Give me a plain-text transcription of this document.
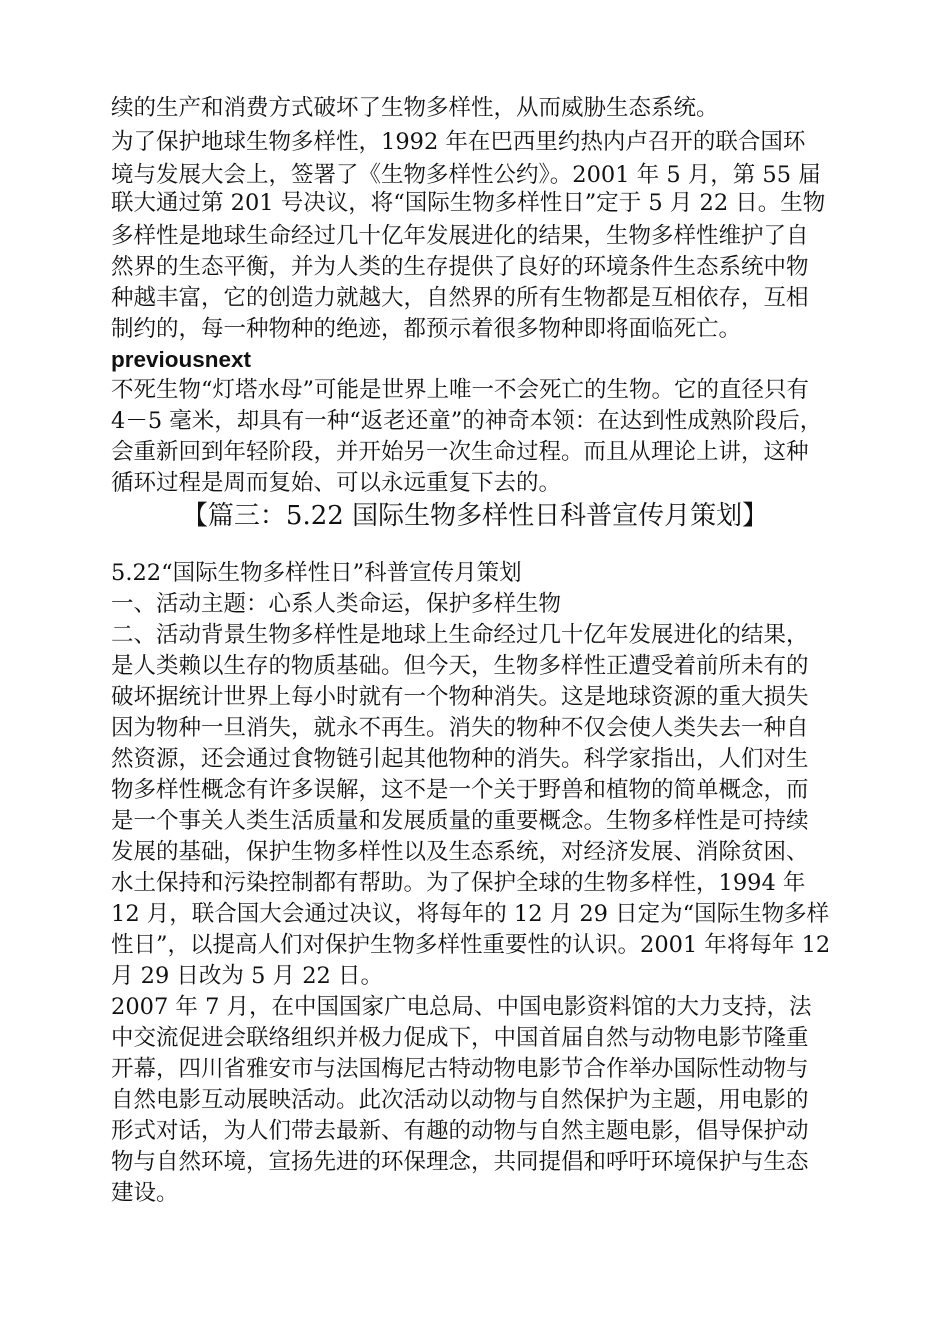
续的生产和消费方式破坏了生物多样性，从而威胁生态系统。
为了保护地球生物多样性，1992 年在巴西里约热内卢召开的联合国环
境与发展大会上，签署了《生物多样性公约》。2001 年 5 月，第 55 届
联大通过第 201 号决议，将“国际生物多样性日”定于 5 月 22 日。生物
多样性是地球生命经过几十亿年发展进化的结果，生物多样性维护了自
然界的生态平衡，并为人类的生存提供了良好的环境条件生态系统中物
种越丰富，它的创造力就越大，自然界的所有生物都是互相依存，互相
制约的，每一种物种的绝迹，都预示着很多物种即将面临死亡。
previousnext
不死生物“灯塔水母”可能是世界上唯一不会死亡的生物。它的直径只有
4－5 毫米，却具有一种“返老还童”的神奇本领：在达到性成熟阶段后，
会重新回到年轻阶段，并开始另一次生命过程。而且从理论上讲，这种
循环过程是周而复始、可以永远重复下去的。
【篇三：5.22 国际生物多样性日科普宣传月策划】
5.22“国际生物多样性日”科普宣传月策划
一、活动主题：心系人类命运，保护多样生物
二、活动背景生物多样性是地球上生命经过几十亿年发展进化的结果，
是人类赖以生存的物质基础。但今天，生物多样性正遭受着前所未有的
破坏据统计世界上每小时就有一个物种消失。这是地球资源的重大损失
因为物种一旦消失，就永不再生。消失的物种不仅会使人类失去一种自
然资源，还会通过食物链引起其他物种的消失。科学家指出，人们对生
物多样性概念有许多误解，这不是一个关于野兽和植物的简单概念，而
是一个事关人类生活质量和发展质量的重要概念。生物多样性是可持续
发展的基础，保护生物多样性以及生态系统，对经济发展、消除贫困、
水土保持和污染控制都有帮助。为了保护全球的生物多样性，1994 年
12 月，联合国大会通过决议，将每年的 12 月 29 日定为“国际生物多样
性日”，以提高人们对保护生物多样性重要性的认识。2001 年将每年 12
月 29 日改为 5 月 22 日。
2007 年 7 月，在中国国家广电总局、中国电影资料馆的大力支持，法
中交流促进会联络组织并极力促成下，中国首届自然与动物电影节隆重
开幕，四川省雅安市与法国梅尼古特动物电影节合作举办国际性动物与
自然电影互动展映活动。此次活动以动物与自然保护为主题，用电影的
形式对话，为人们带去最新、有趣的动物与自然主题电影，倡导保护动
物与自然环境，宣扬先进的环保理念，共同提倡和呼吁环境保护与生态
建设。
